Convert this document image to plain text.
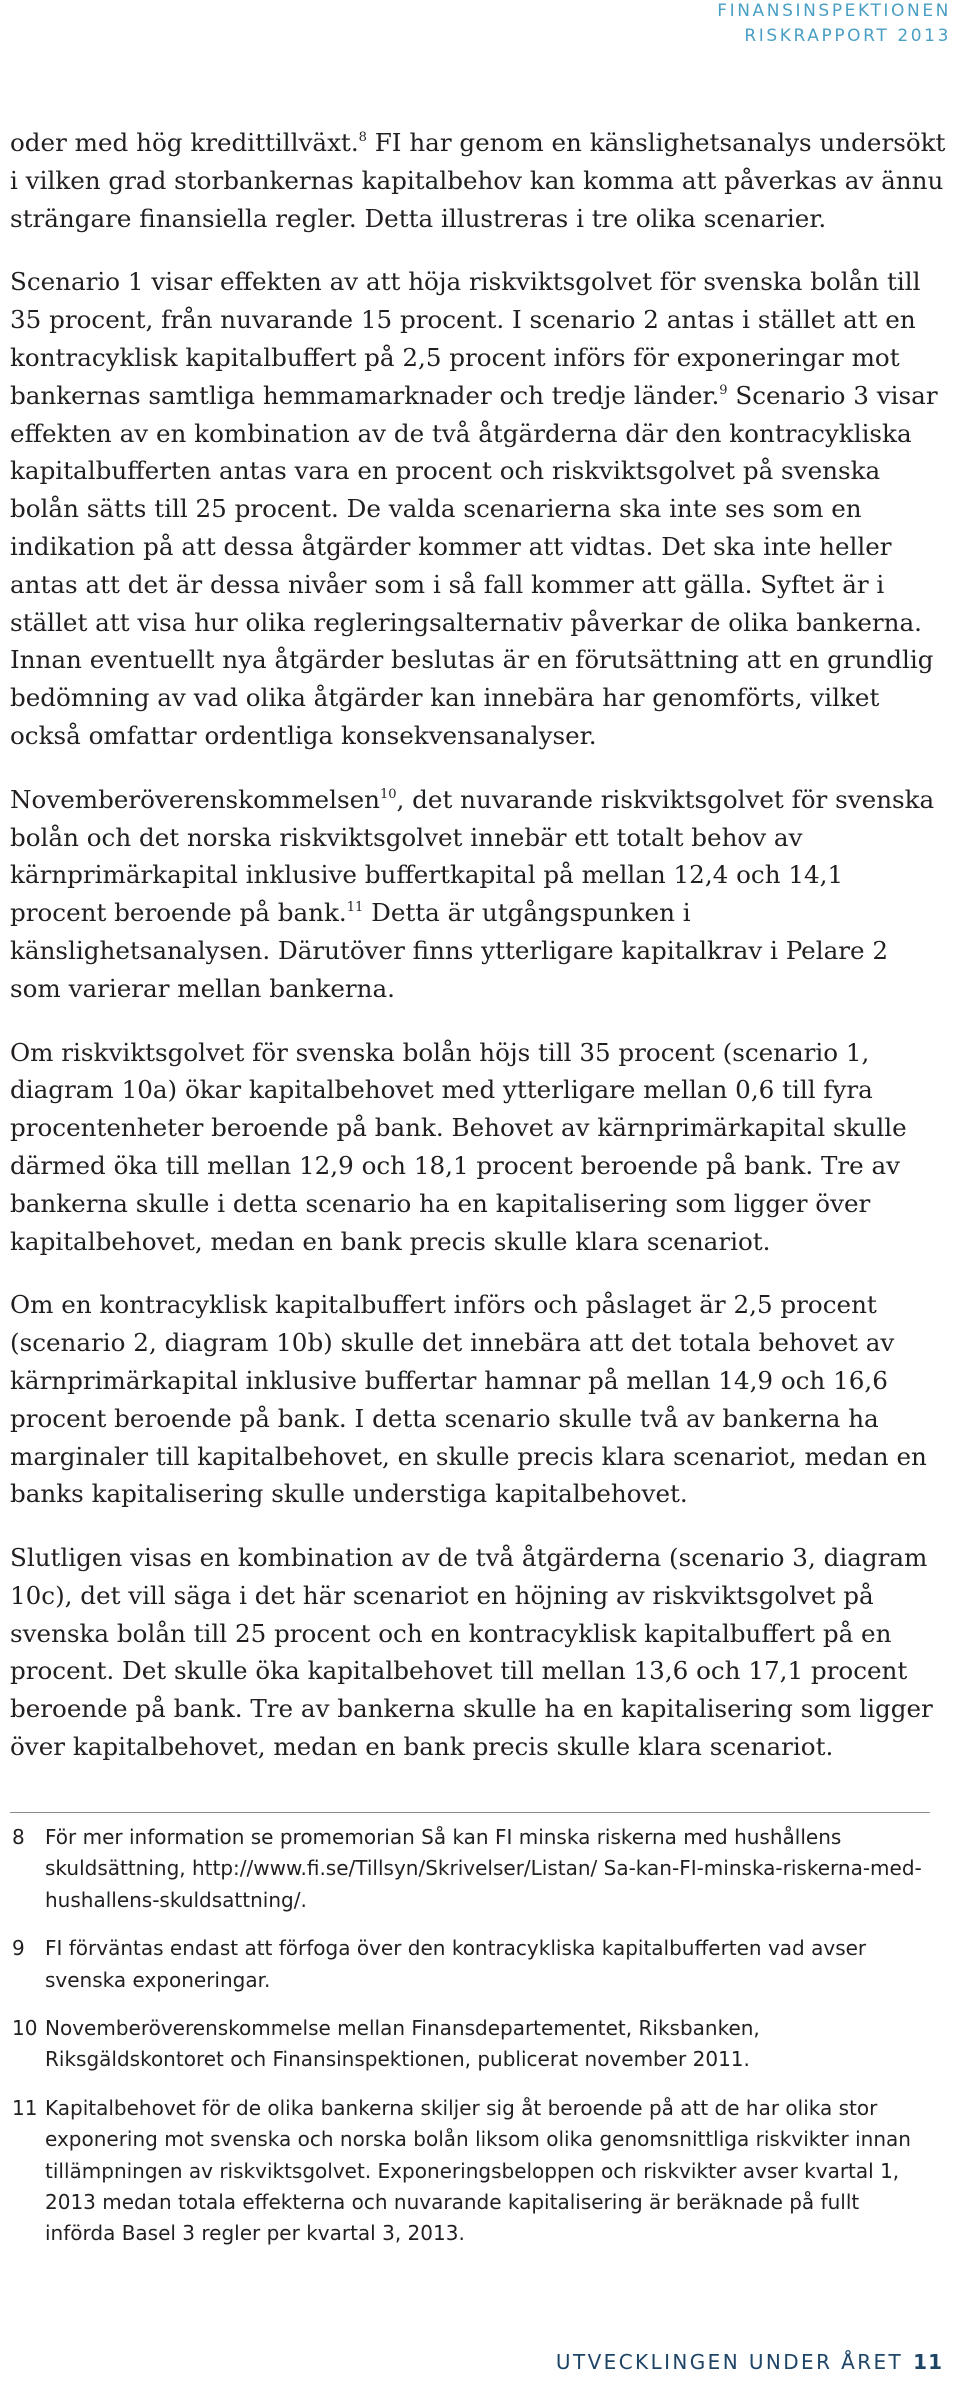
FINANSINSPEKTIONEN
RISKRAPPORT 2013

oder med hög kredittillväxt.$^8$ FI har genom en känslighetsanalys undersökt i vilken grad storbankernas kapitalbehov kan komma att påverkas av ännu strängare finansiella regler. Detta illustreras i tre olika scenarier.

Scenario 1 visar effekten av att höja riskviktsgolvet för svenska bolån till 35 procent, från nuvarande 15 procent. I scenario 2 antas i stället att en kontracyklisk kapitalbuffert på 2,5 procent införs för exponeringar mot bankernas samtliga hemmamarknader och tredje länder.$^9$ Scenario 3 visar effekten av en kombination av de två åtgärderna där den kontracykliska kapitalbufferten antas vara en procent och riskviktsgolvet på svenska bolån sätts till 25 procent. De valda scenarierna ska inte ses som en indikation på att dessa åtgärder kommer att vidtas. Det ska inte heller antas att det är dessa nivåer som i så fall kommer att gälla. Syftet är i stället att visa hur olika regleringsalternativ påverkar de olika bankerna. Innan eventuellt nya åtgärder beslutas är en förutsättning att en grundlig bedömning av vad olika åtgärder kan innebära har genomförts, vilket också omfattar ordentliga konsekvensanalyser.

Novemberöverenskommelsen$^{10}$, det nuvarande riskviktsgolvet för svenska bolån och det norska riskviktsgolvet innebär ett totalt behov av kärnprimärkapital inklusive buffertkapital på mellan 12,4 och 14,1 procent beroende på bank.$^{11}$ Detta är utgångspunken i känslighetsanalysen. Därutöver finns ytterligare kapitalkrav i Pelare 2 som varierar mellan bankerna.

Om riskviktsgolvet för svenska bolån höjs till 35 procent (scenario 1, diagram 10a) ökar kapitalbehovet med ytterligare mellan 0,6 till fyra procentenheter beroende på bank. Behovet av kärnprimärkapital skulle därmed öka till mellan 12,9 och 18,1 procent beroende på bank. Tre av bankerna skulle i detta scenario ha en kapitalisering som ligger över kapitalbehovet, medan en bank precis skulle klara scenariot.

Om en kontracyklisk kapitalbuffert införs och påslaget är 2,5 procent (scenario 2, diagram 10b) skulle det innebära att det totala behovet av kärnprimärkapital inklusive buffertar hamnar på mellan 14,9 och 16,6 procent beroende på bank. I detta scenario skulle två av bankerna ha marginaler till kapitalbehovet, en skulle precis klara scenariot, medan en banks kapitalisering skulle understiga kapitalbehovet.

Slutligen visas en kombination av de två åtgärderna (scenario 3, diagram 10c), det vill säga i det här scenariot en höjning av riskviktsgolvet på svenska bolån till 25 procent och en kontracyklisk kapitalbuffert på en procent. Det skulle öka kapitalbehovet till mellan 13,6 och 17,1 procent beroende på bank. Tre av bankerna skulle ha en kapitalisering som ligger över kapitalbehovet, medan en bank precis skulle klara scenariot.

8	För mer information se promemorian Så kan FI minska riskerna med hushållens skuldsättning, http://www.fi.se/Tillsyn/Skrivelser/Listan/ Sa-kan-FI-minska-riskerna-med-hushallens-skuldsattning/.
9	FI förväntas endast att förfoga över den kontracykliska kapitalbufferten vad avser svenska exponeringar.
10 Novemberöverenskommelse mellan Finansdepartementet, Riksbanken, Riksgäldskontoret och Finansinspektionen, publicerat november 2011.
11 Kapitalbehovet för de olika bankerna skiljer sig åt beroende på att de har olika stor exponering mot svenska och norska bolån liksom olika genomsnittliga riskvikter innan tillämpningen av riskviktsgolvet. Exponeringsbeloppen och riskvikter avser kvartal 1, 2013 medan totala effekterna och nuvarande kapitalisering är beräknade på fullt införda Basel 3 regler per kvartal 3, 2013.
UTVECKLINGEN UNDER ÅRET 11
